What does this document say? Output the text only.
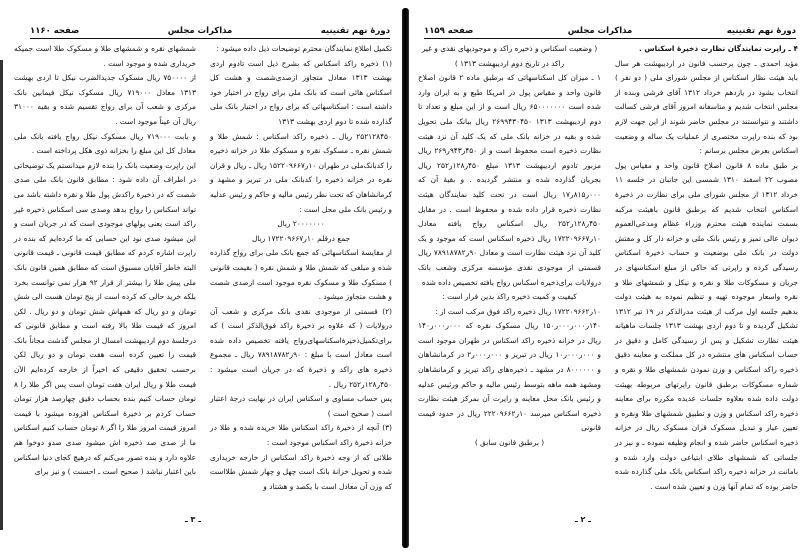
دوره‌ٔ نهم تقنینیه
مذاکرات مجلس
صفحه ۱۱۶۰

تکمیل اطلاع نمایندگان محترم توضیحات ذیل داده میشود :

(۱) ذخیره راکد اسکناس که بشرح ذیل است تادوم اردی بهشت ۱۳۱۳ معادل متجاوز ازصدی‌شصت و هشت کل اسکناس هائی است که بانک ملی برای رواج در اختیار خود داشته است : اسکناسهائی که برای رواج در اختیار بانک ملی گذارده شده تا دوم اردی بهشت ۱۳۱۳

۲۵۲۱۲۸۴۵۰ ریال ـ ذخیره راکد اسکناس : شمش طلا و شمش نقره ـ مسکوک نقره و مسکوک طلا در خزانه ذخیره را کدبانک‌ملی در طهران ۱۰ر۱۵۲۲۰۹۶۶۷ ریال ـ ریال و قران نقره در خزانه ذخیره را کدبانک ملی در تبریز و مشهد و کرمانشاهان که تحت نظر رئیس مالیه و حاکم و رئیس عدلیه و رئیس بانک ملی محل است :

۲۰۰۰۰۰۰۰ ریال

جمع درقلم ۱۰ر۱۷۲۲۰۹۶۶۷ ریال

از مقایسهٔ اسکناسهائی که جمع بانک ملی برای رواج گذارده شده و مبلغی که شمش طلا و شمش نقره ( بقیمت قانونی ) مسکوک طلا و مسکوک نقره موجود است ازصدی شصت و هشت متجاوز میشود .

(۲) قسمتی از موجودی نقدی بانک مرکزی و شعب آن درولایات ( که علاوه بر ذخیرهٔ راکد فوق‌الذکر است ) که برای‌تکمیل‌ذخیرهٔ‌اسکناسهای‌رواج یافته تخصیص داده شده است معادل است با مبلغ : ۹۰ر۷۸۹۱۸۷۸۲ ریال ـ مجموع ذخیره های راکد و ذخیرهٔ که در جریان است میشود : ۴۵۰ر۱۲۸ر۲۵۲ ریال .

پس حساب مساوی و اسکناس ایران در نهایت درجهٔ اعتبار است ( صحیح است )

(۳) آنچه از ذخیرهٔ راکد اسکناس طلا خریده شده و طلا در خزانه ذخیرهٔ راکد اسکناس موجود است :

طلائی که از وجه ذخیرهٔ راکد اسکناس از خارجه خریداری شده و تحویل خزانهٔ بانک است چهل و چهار شمش طلااست که وزن آن معادل است با یکصد و هشتاد و

شمشهای نقره و شمشهای طلا و مسکوک طلا است جمیکه خریداری شده و موجود است .

از ۷۵۰۰۰۰ ریال مسکوک جدیدالضرب نیکل تا اردی بهشت ۱۳۱۳ معادل ۷۱۹۰۰۰ ریال مسکوک نیکل فیمابین بانک مرکزی و شعب آن برای رواج تقسیم شده و بقیه ۳۱۰۰۰ ریال آن عیناً موجود است .

و بابت ۷۱۹۰۰۰ ریال مسکوک نیکل رواج یافته بانک ملی معادل کل این مبلغ را بخزانه ذوی هکل پرداخته است .

این راپرت وضعیت بانک را بنده لازم میدانستم یک توضیحاتی در اطراف آن داده شود : مطابق قانون بانک ملی صدی شصت که در ذخیرهٔ راکدش پول طلا و نقره داشته باشد می تواند اسکناس را رواج بدهد وصدی سی اسکناس ذخیره غیر راکد است یعنی پولهای موجودی است که در جریان است و این میشود صدی نود این حسابی که ما کرده‌ایم که بنده در راپرت اشاره کردم که مطابق قیمت قانونی ـ قیمت قانونی البته خاطر آقایان مسبوق است که مطابق همین قانون بانک ملی پیش طلا را بیشتر از قرار ۹۲ هزار نمی توانست بخرد بلکه خرید حالی که کرده است از پنج تومان هست الی شش تومان و دو ریال که همهاش شش تومان و دو ریال . لکن امروز که قیمت طلا بالا رفته است و مطابق قانونی که درجلسهٔ دوم اردیبهشت امسال از مجلس گذشت مجاناً بانک قیمت را تعیین کرده است هفت تومان و دو ریال لکن برحسب تحقیق دقیقی که اخیراً از خارجه کرده‌ایم الآن قیمت طلا و ریال ایران هفت تومان است پس اگر طلا را ۸ تومان حساب کنیم بنده بحساب دقیق چهارصد هزار تومان حساب کردم بر ذخیرهٔ اسکناس افزوده میشود با قیمت امروز قیمت امروز طلا را اگر ۸ تومان حساب کنیم اسکناس ما از صدی صد ذخیره اش میشود صدی صدو دوخوا هم علاوه دارد و بنده تصور می‌کنم که درهیچ کجای دنیا اسکناس باین اعتبار نباشد ( صحیح است ـ احسنت ) و نیز برای

ـ ۳ ـ
دوره‌ٔ نهم تقنینیه
مذاکرات مجلس
صفحه ۱۱۵۹

۴ ـ راپرت نمایندگان نظارت ذخیرهٔ اسکناس .

مؤید احمدی ـ چون برحسب قانون در اردیبهشت هر سال باید هیئت نظار اسکناس از مجلس شورای ملی ( دو نفر ) انتخاب بشود در یازدهم خرداد ۱۳۱۲ آقای فرشی وبنده از مجلس انتخاب شدیم و متاسفانه امروز آقای فرشی کسالت داشتند و نتوانستند در مجلس حاضر شوند از این جهت لازم بود که بنده راپرت مختصری از عملیات یک ساله و وضعیت اسکناس بعرض مجلس برسانم :

بر طبق ماده ۸ قانون اصلاح قانون واحد و مقیاس پول مصوب ۲۲ اسفند ۱۳۱۰ شمسی این جانبان در جلسه ۱۱ خرداد ۱۳۱۲ از مجلس شورای ملی برای نظارت در ذخیرهٔ اسکناس انتخاب شدیم که برطبق قانون باهیئت مرکبه بسمت نماینده هیئت محترم وزراء عظام ومدعی‌العموم دیوان عالی تمیز و رئیس بانک ملی و خزانه دار کل و مفتش دولت در بانک ملی بوضعیت و حساب ذخیرهٔ اسکناس رسیدگی کرده و راپرتی که حاکی از مبلغ اسکناسهای در جریان و مسکوکات طلا و نقره و نیکل و شمشهای طلا و نقره واسعار موجوده تهیه و تنظیم نموده به هیئت دولت بدهیم جلسه اول مرکب از هیئت مدرالذکر در ۱۹ تیر ۱۳۱۲ تشکیل گردیده و تا دوم اردی بهشت ۱۳۱۳ جلسات ماهیانه هیئت نظارت تشکیل و پس از رسیدگی کامل و دقیق در حساب اسکناس های منتشره در کل مملکت و معاینه دقیق ذخیره راکد اسکناس و وزن نمودن شمشهای طلا و نقره و شماره مسکوکات برطبق قانون راپرتهای مربوطه بهیئت دولت داده شده بعلاوه جلسات عدیده مکرره برای معاینه ذخیره راکد اسکناس و وزن و تطبیق شمشهای طلا ونقره و تعیین عیار و تبدیل مسکوک قران مسکوک ریال در خزانه ذخیره اسکناس حاضر شده و انجام وظیفه نموده ـ و نیز در جلساتی که شمشهای طلای ابتیاعی دولت وارد شده و بامانت در خزانه ذخیره راکد اسکناس بانک ملی گذارده شده حاضر بوده که تمام آنها وزن و تعیین شده است .

( وضعیت اسکناس و ذخیره راکد و موجودیهای نقدی و غیر راکد در تاریخ دوم اردیبهشت ۱۳۱۳ )

۱ ـ میزان کل اسکناسهائی که برطبق ماده ۲ قانون اصلاح قانون واحد و مقیاس پول در امریکا طبع و به ایران وارد شده است ۶۵۰۰۰۰۰۰۰ ریال است و از این مبلغ و تعداد تا دوم اردیبهشت ۱۳۱۳ ۲۶۹۹۴۳۰۴۵۰ ریال ببانک ملی تحویل شده و بقیه در خزانه بانک ملی که یک کلید آن نزد هیئت نظارت ذخیره است محفوظ است و از ۴۵۰ر۹۴۳ر۲۶۹ ریال مزبور تادوم اردیبهشت ۱۳۱۳ مبلغ ۴۵۰ر۱۲۸ر۲۵۲ ریال بجریان گذارده شده و منتشر گردیده . و بقیهٔ آن که ۰۰۰ر۸۱۵ر۱۷ ریال است در تحت کلید نمایندگان هیئت نظارت ذخیره قرار داده شده و محفوظ است . در مقابل ۴۵۰ر۱۲۸ر۲۵۲ ریال اسکناس رواج یافته معادل ۱۰ر۱۷۲۲۰۹۶۶۷ ریال ذخیره اسکناس است که موجود و یک کلید آن نزد هیئت نظارت است و معادل ۹۰ر۷۸۹۱۸۷۸۲ ریال قسمتی از موجودی نقدی مؤسسه مرکزی وشعب بانک درولایات برای‌ذخیره اسکناس رواج یافته تخصیص داده شده

کیفیت و کمیت ذخیره راکد بدین قرار است :

۱۰ر۱۷۲۲۰۹۶۶۲ ریال ذخیره راکد فوق مرکب است از :

۱۴۰ر۰۰۰ر۰۰۰ر۱۵۰ ریال مسکوک نقره که ۰۰۰ر۰۰۰ر۱۴۰ ریال در خزانه ذخیره راکد اسکناس در طهران موجود است و ۰۰۰ر۰۰۰ر۱۰ ریال در تبریز و ۰۰۰ر۰۰۰ر۲ در کرمانشاهان و ۸۰۰۰۰۰۰ در مشهد ـ ذخیره‌های راکد تبریز و کرمانشاهان ومشهد همه ماهه بتوسط رئیس مالیه و حاکم ورئیس عدلیه و رئیس بانک محل معاینه و راپرت آن بمرکز هیئت نظارت ذخیره اسکناس میرسد ۱۰ر۲۲۲۰۹۶۶۲ ریال در حدود قیمت قانونی

( برطبق قانون سابق )

ـ ۲ ـ
